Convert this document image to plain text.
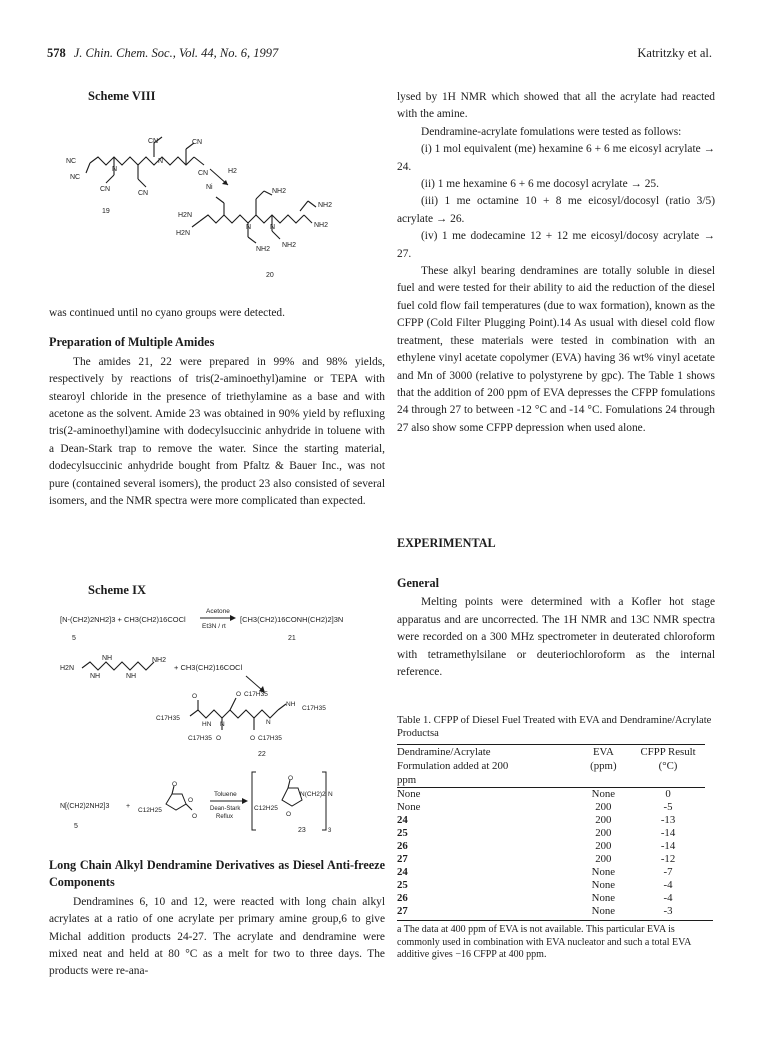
578 J. Chin. Chem. Soc., Vol. 44, No. 6, 1997	Katritzky et al.
Scheme VIII
CN	CN
NC
NC
N
N
CN
CN
CN
19
H2
Ni
NH2
NH2
H2N
H2N
NH2
NH2
NH2
N	N
20

was continued until no cyano groups were detected.

Preparation of Multiple Amides

The amides 21, 22 were prepared in 99% and 98% yields, respectively by reactions of tris(2-aminoethyl)amine or TEPA with stearoyl chloride in the presence of triethylamine as a base and with acetone as the solvent. Amide 23 was obtained in 90% yield by refluxing tris(2-aminoethyl)amine with dodecylsuccinic anhydride in toluene with a Dean-Stark trap to remove the water. Since the starting material, dodecylsuccinic anhydride bought from Pfaltz & Bauer Inc., was not pure (contained several isomers), the product 23 also consisted of several isomers, and the NMR spectra were more complicated than expected.

Scheme IX
[N-(CH2)2NH2]3 + CH3(CH2)16COCl
Acetone
Et3N / rt
[CH3(CH2)16CONH(CH2)2]3N
5	21
H2N
NH
NH	NH
NH2
+ CH3(CH2)16COCl
O C17H35
O
C17H35
HN N	N
NH
C17H35
C17H35 O	O C17H35
22
N[(CH2)2NH2]3 +
C12H25
O
O
O
Toluene
Dean-Stark
Reflux
C12H25
O
O
N(CH2)2 N
3
5
23

Long Chain Alkyl Dendramine Derivatives as Diesel Anti-freeze Components

Dendramines 6, 10 and 12, were reacted with long chain alkyl acrylates at a ratio of one acrylate per primary amine group,6 to give Michal addition products 24-27. The acrylate and dendramine were mixed neat and held at 80 °C as a melt for two to three days. The products were re-ana-

lysed by 1H NMR which showed that all the acrylate had reacted with the amine.

Dendramine-acrylate fomulations were tested as follows:

(i) 1 mol equivalent (me) hexamine 6 + 6 me eicosyl acrylate → 24.

(ii) 1 me hexamine 6 + 6 me docosyl acrylate → 25.

(iii) 1 me octamine 10 + 8 me eicosyl/docosyl (ratio 3/5) acrylate → 26.

(iv) 1 me dodecamine 12 + 12 me eicosyl/docosy acrylate → 27.

These alkyl bearing dendramines are totally soluble in diesel fuel and were tested for their ability to aid the reduction of the diesel fuel cold flow fail temperatures (due to wax formation), known as the CFPP (Cold Filter Plugging Point).14 As usual with diesel cold flow treatment, these materials were tested in combination with an ethylene vinyl acetate copolymer (EVA) having 36 wt% vinyl acetate and Mn of 3000 (relative to polystyrene by gpc). The Table 1 shows that the addition of 200 ppm of EVA depresses the CFPP fomulations 24 through 27 to between -12 °C and -14 °C. Fomulations 24 through 27 also show some CFPP depression when used alone.

EXPERIMENTAL

General

Melting points were determined with a Kofler hot stage apparatus and are uncorrected. The 1H NMR and 13C NMR spectra were recorded on a 300 MHz spectrometer in deuterated chloroform with tetramethylsilane or deuteriochloroform as the internal reference.

Table 1. CFPP of Diesel Fuel Treated with EVA and Dendramine/Acrylate Productsa
Dendramine/Acrylate	EVA	CFPP Result
Formulation added at 200	(ppm)	(°C)
ppm		
None	None	0
None	200	-5
24	200	-13
25	200	-14
26	200	-14
27	200	-12
24	None	-7
25	None	-4
26	None	-4
27	None	-3
a The data at 400 ppm of EVA is not available. This particular EVA is commonly used in combination with EVA nucleator and such a total EVA additive gives −16 CFPP at 400 ppm.
